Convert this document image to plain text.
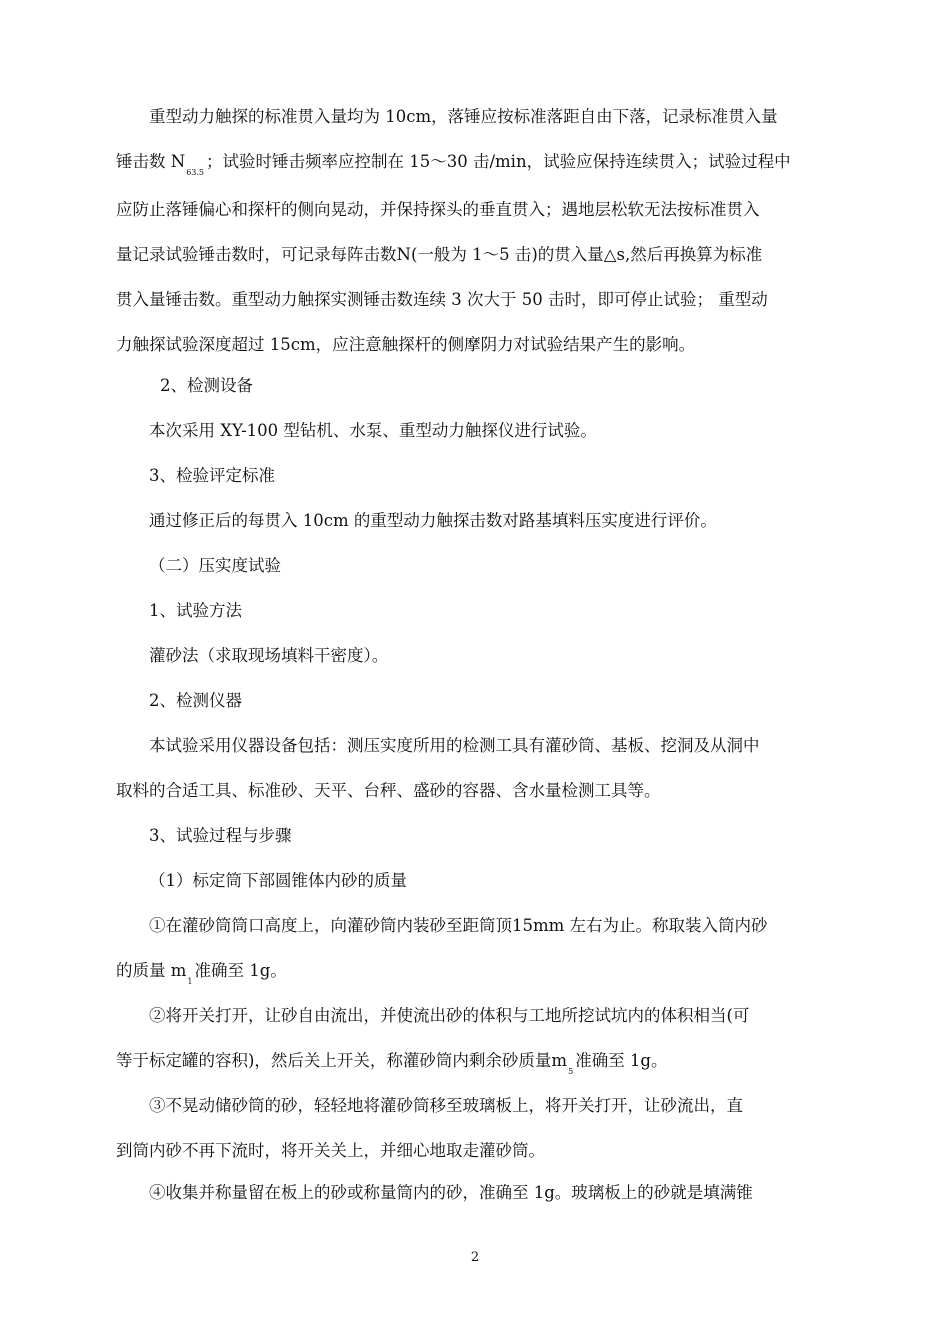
重型动力触探的标准贯入量均为 10cm，落锤应按标准落距自由下落，记录标准贯入量
锤击数 $N_{63.5}$；试验时锤击频率应控制在 15～30 击/min，试验应保持连续贯入；试验过程中
应防止落锤偏心和探杆的侧向晃动，并保持探头的垂直贯入；遇地层松软无法按标准贯入
量记录试验锤击数时，可记录每阵击数N(一般为 1～5 击)的贯入量△s,然后再换算为标准
贯入量锤击数。重型动力触探实测锤击数连续 3 次大于 50 击时，即可停止试验； 重型动
力触探试验深度超过 15cm，应注意触探杆的侧摩阴力对试验结果产生的影响。
2、检测设备
本次采用 XY-100 型钻机、水泵、重型动力触探仪进行试验。
3、检验评定标准
通过修正后的每贯入 10cm 的重型动力触探击数对路基填料压实度进行评价。
（二）压实度试验
1、试验方法
灌砂法（求取现场填料干密度）。
2、检测仪器
本试验采用仪器设备包括：测压实度所用的检测工具有灌砂筒、基板、挖洞及从洞中
取料的合适工具、标准砂、天平、台秤、盛砂的容器、含水量检测工具等。
3、试验过程与步骤
（1）标定筒下部圆锥体内砂的质量
①在灌砂筒筒口高度上，向灌砂筒内装砂至距筒顶15mm 左右为止。称取装入筒内砂
的质量 $m_1$准确至 1g。
②将开关打开，让砂自由流出，并使流出砂的体积与工地所挖试坑内的体积相当(可
等于标定罐的容积)，然后关上开关，称灌砂筒内剩余砂质量$m_5$准确至 1g。
③不晃动储砂筒的砂，轻轻地将灌砂筒移至玻璃板上，将开关打开，让砂流出，直
到筒内砂不再下流时，将开关关上，并细心地取走灌砂筒。
④收集并称量留在板上的砂或称量筒内的砂，准确至 1g。玻璃板上的砂就是填满锥
2
